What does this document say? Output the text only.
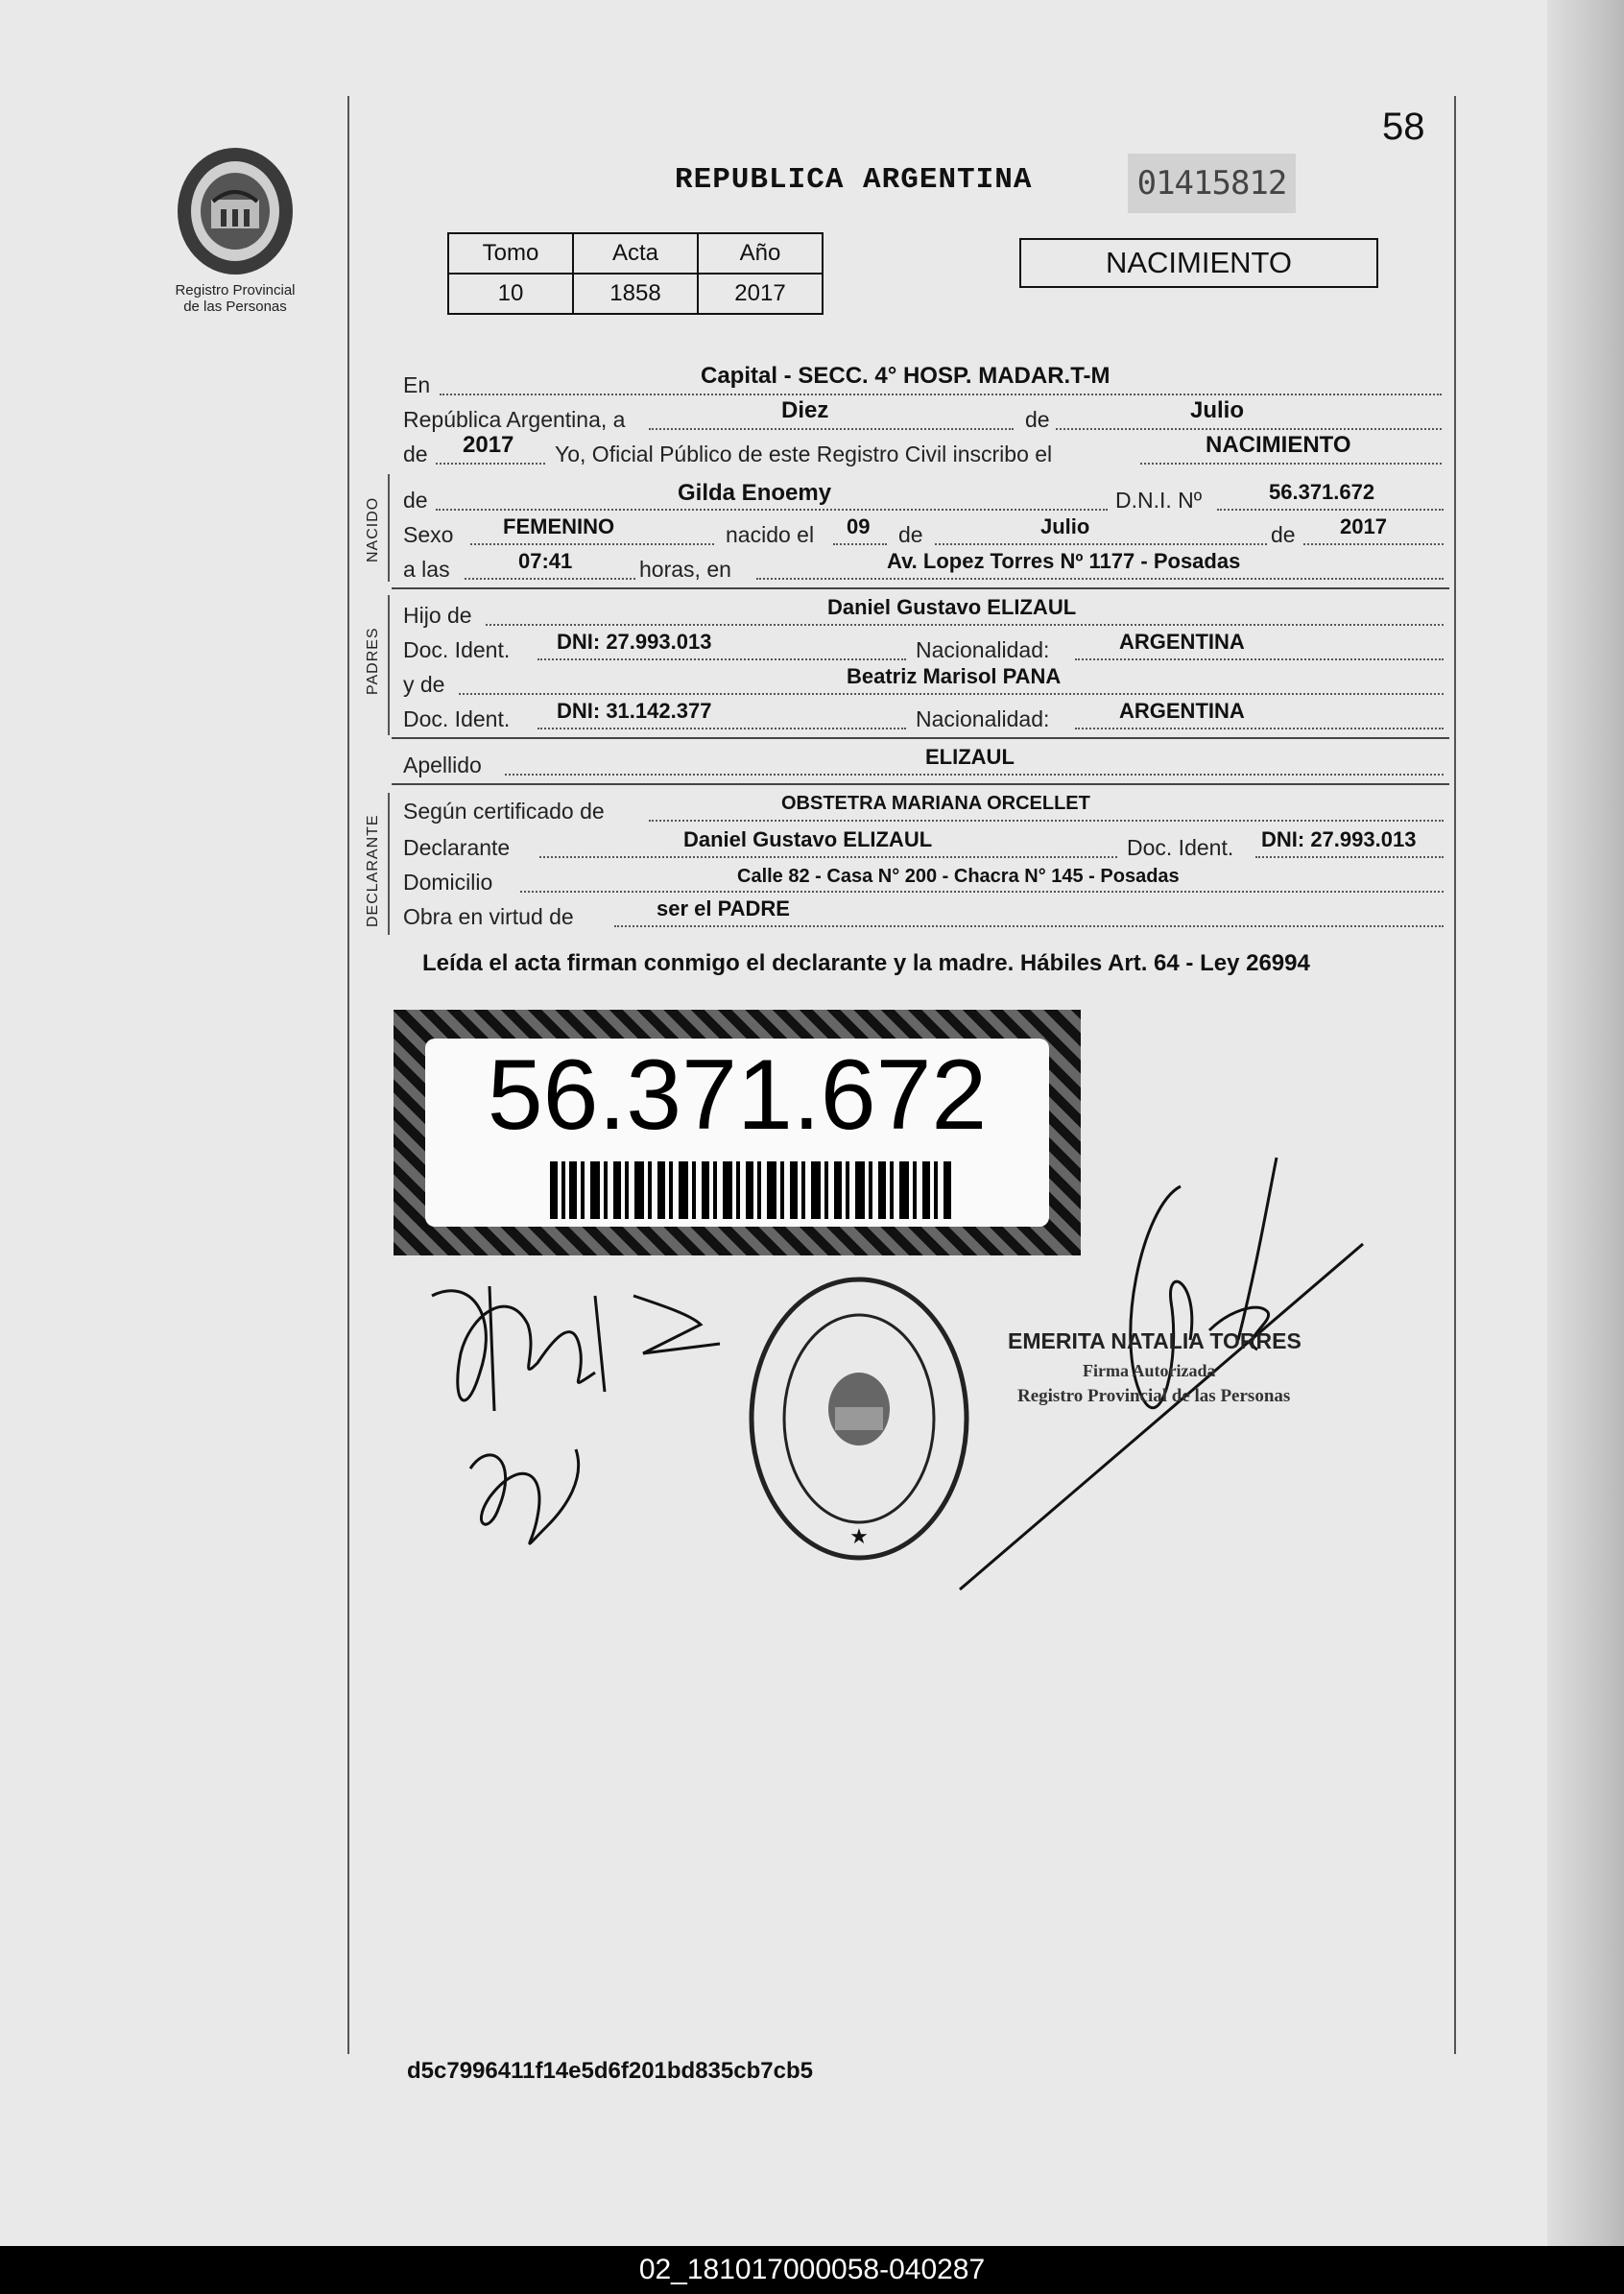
Registro Provincial
de las Personas
58
REPUBLICA ARGENTINA	01415812
Tomo	Acta	Año
10	1858	2017
NACIMIENTO
En	Capital - SECC. 4° HOSP. MADAR.T-M
República Argentina, a	Diez	de	Julio
de 2017 Yo, Oficial Público de este Registro Civil inscribo el	NACIMIENTO
NACIDO de	Gilda Enoemy	D.N.I. Nº	56.371.672
Sexo FEMENINO	nacido el 09 de	Julio	de 2017
a las	07:41	horas, en	Av. Lopez Torres Nº 1177 - Posadas
PADRES
Hijo de	Daniel Gustavo ELIZAUL
Doc. Ident. DNI: 27.993.013	Nacionalidad:	ARGENTINA
y de	Beatriz Marisol PANA
Doc. Ident. DNI: 31.142.377	Nacionalidad:	ARGENTINA
Apellido	ELIZAUL
DECLARANTE
Según certificado de	OBSTETRA MARIANA ORCELLET
Declarante	Daniel Gustavo ELIZAUL	Doc. Ident. DNI: 27.993.013
Domicilio	Calle 82 - Casa N° 200 - Chacra N° 145 - Posadas
Obra en virtud de	ser el PADRE
Leída el acta firman conmigo el declarante y la madre. Hábiles Art. 64 - Ley 26994
56.371.672
★
EMERITA NATALIA TORRES
Firma Autorizada
Registro Provincial de las Personas
d5c7996411f14e5d6f201bd835cb7cb5
02_181017000058-040287
